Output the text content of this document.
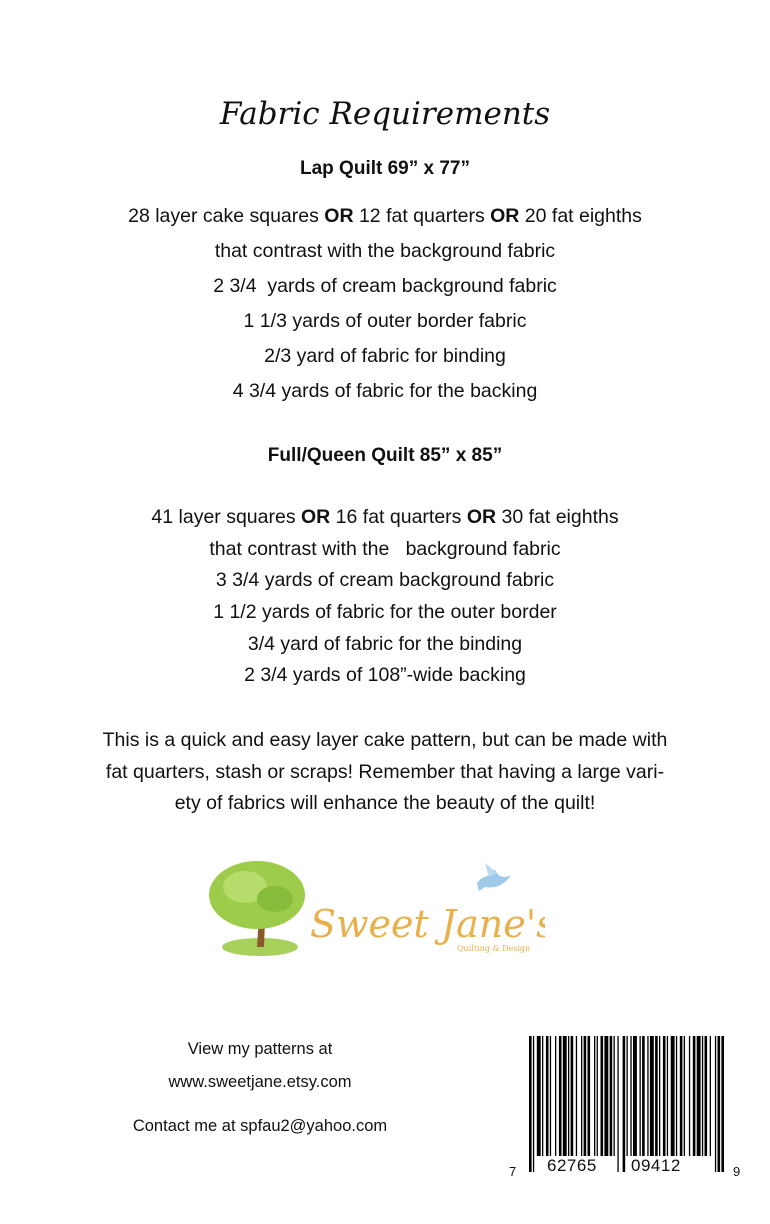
Fabric Requirements
Lap Quilt 69” x 77”
28 layer cake squares OR 12 fat quarters OR 20 fat eighths
that contrast with the background fabric
2 3/4  yards of cream background fabric
1 1/3 yards of outer border fabric
2/3 yard of fabric for binding
4 3/4 yards of fabric for the backing
Full/Queen Quilt 85” x 85”
41 layer squares OR 16 fat quarters OR 30 fat eighths
that contrast with the   background fabric
3 3/4 yards of cream background fabric
1 1/2 yards of fabric for the outer border
3/4 yard of fabric for the binding
2 3/4 yards of 108”-wide backing
This is a quick and easy layer cake pattern, but can be made with
fat quarters, stash or scraps! Remember that having a large vari-
ety of fabrics will enhance the beauty of the quilt!
Sweet Jane's
Quilting & Design
View my patterns at
www.sweetjane.etsy.com
Contact me at spfau2@yahoo.com
7 62765 09412	9
